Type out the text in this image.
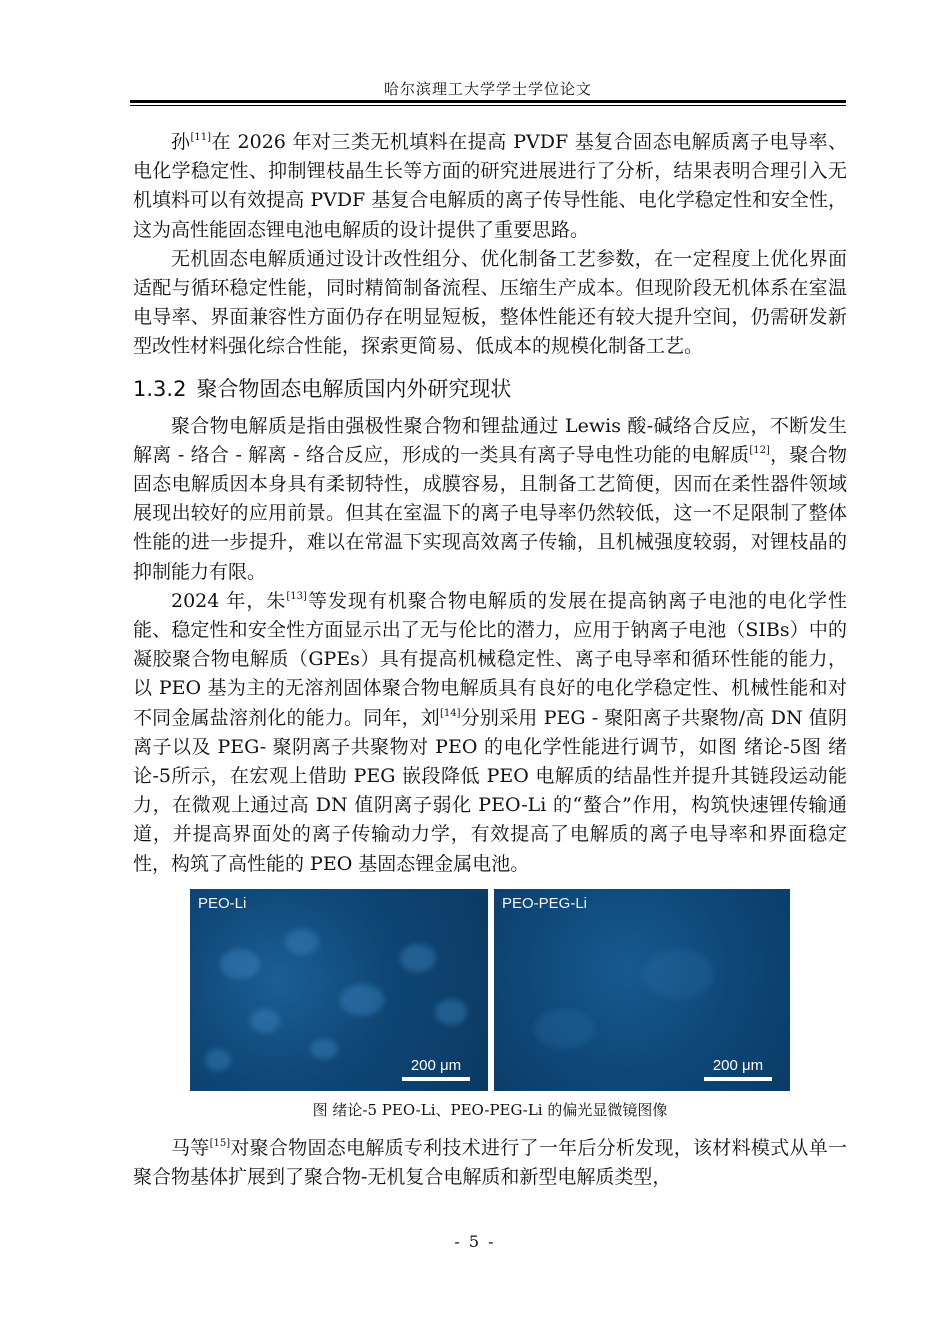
哈尔滨理工大学学士学位论文

孙[11]在 2026 年对三类无机填料在提高 PVDF 基复合固态电解质离子电导率、电化学稳定性、抑制锂枝晶生长等方面的研究进展进行了分析，结果表明合理引入无机填料可以有效提高 PVDF 基复合电解质的离子传导性能、电化学稳定性和安全性，这为高性能固态锂电池电解质的设计提供了重要思路。

无机固态电解质通过设计改性组分、优化制备工艺参数，在一定程度上优化界面适配与循环稳定性能，同时精简制备流程、压缩生产成本。但现阶段无机体系在室温电导率、界面兼容性方面仍存在明显短板，整体性能还有较大提升空间，仍需研发新型改性材料强化综合性能，探索更简易、低成本的规模化制备工艺。

1.3.2 聚合物固态电解质国内外研究现状

聚合物电解质是指由强极性聚合物和锂盐通过 Lewis 酸-碱络合反应，不断发生解离 - 络合 - 解离 - 络合反应，形成的一类具有离子导电性功能的电解质[12]，聚合物固态电解质因本身具有柔韧特性，成膜容易，且制备工艺简便，因而在柔性器件领域展现出较好的应用前景。但其在室温下的离子电导率仍然较低，这一不足限制了整体性能的进一步提升，难以在常温下实现高效离子传输，且机械强度较弱，对锂枝晶的抑制能力有限。

2024 年，朱[13]等发现有机聚合物电解质的发展在提高钠离子电池的电化学性能、稳定性和安全性方面显示出了无与伦比的潜力，应用于钠离子电池（SIBs）中的凝胶聚合物电解质（GPEs）具有提高机械稳定性、离子电导率和循环性能的能力，以 PEO 基为主的无溶剂固体聚合物电解质具有良好的电化学稳定性、机械性能和对不同金属盐溶剂化的能力。同年，刘[14]分别采用 PEG - 聚阳离子共聚物/高 DN 值阴离子以及 PEG- 聚阴离子共聚物对 PEO 的电化学性能进行调节，如图 绪论-5图 绪论-5所示，在宏观上借助 PEG 嵌段降低 PEO 电解质的结晶性并提升其链段运动能力，在微观上通过高 DN 值阴离子弱化 PEO-Li 的“螯合”作用，构筑快速锂传输通道，并提高界面处的离子传输动力学，有效提高了电解质的离子电导率和界面稳定性，构筑了高性能的 PEO 基固态锂金属电池。

PEO-Li
200 μm
PEO-PEG-Li
200 μm
图 绪论-5 PEO-Li、PEO-PEG-Li 的偏光显微镜图像

马等[15]对聚合物固态电解质专利技术进行了一年后分析发现，该材料模式从单一聚合物基体扩展到了聚合物-无机复合电解质和新型电解质类型，

- 5 -
